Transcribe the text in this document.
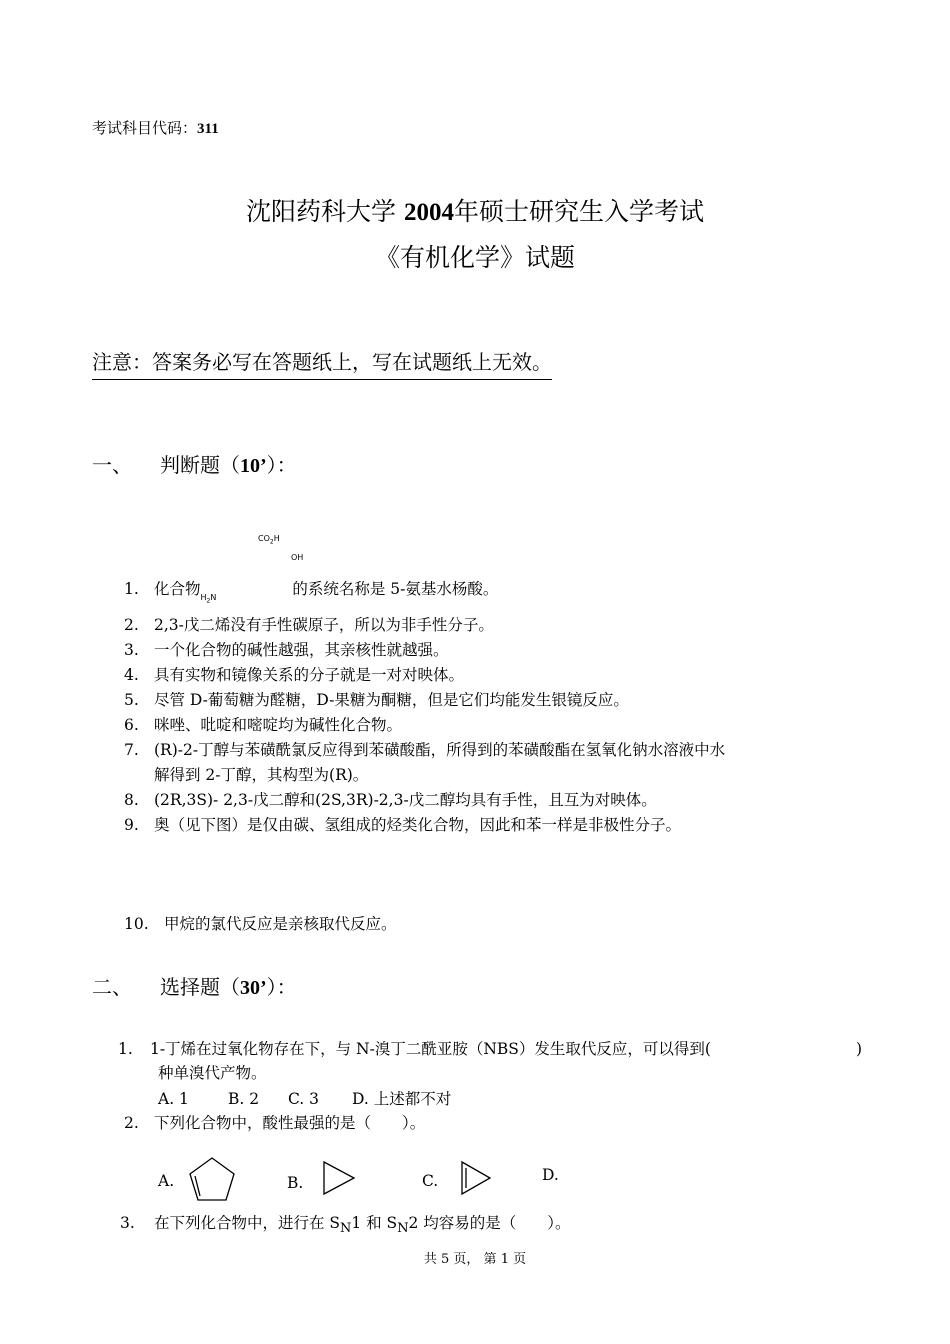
考试科目代码：311
沈阳药科大学 2004年硕士研究生入学考试
《有机化学》试题
注意：答案务必写在答题纸上，写在试题纸上无效。
一、 判断题（10’）：
$CO_2H$
OH
1. 化合物$_{H_2N}$	的系统名称是 5-氨基水杨酸。
2. 2,3-戊二烯没有手性碳原子，所以为非手性分子。
3. 一个化合物的碱性越强，其亲核性就越强。
4. 具有实物和镜像关系的分子就是一对对映体。
5. 尽管 D-葡萄糖为醛糖，D-果糖为酮糖，但是它们均能发生银镜反应。
6. 咪唑、吡啶和嘧啶均为碱性化合物。
7. (R)-2-丁醇与苯磺酰氯反应得到苯磺酸酯，所得到的苯磺酸酯在氢氧化钠水溶液中水
解得到 2-丁醇，其构型为(R)。
8. (2R,3S)- 2,3-戊二醇和(2S,3R)-2,3-戊二醇均具有手性，且互为对映体。
9. 奥（见下图）是仅由碳、氢组成的烃类化合物，因此和苯一样是非极性分子。
10. 甲烷的氯代反应是亲核取代反应。
二、 选择题（30’）：
1. 1-丁烯在过氧化物存在下，与 N-溴丁二酰亚胺（NBS）发生取代反应，可以得到(	)
种单溴代产物。
A. 1	B. 2 C. 3 D. 上述都不对
2. 下列化合物中，酸性最强的是（　　）。
A.	B.	C.	D.
3. 在下列化合物中，进行在 $S_N1$ 和 $S_N2$ 均容易的是（　　）。
共 5 页， 第 1 页
